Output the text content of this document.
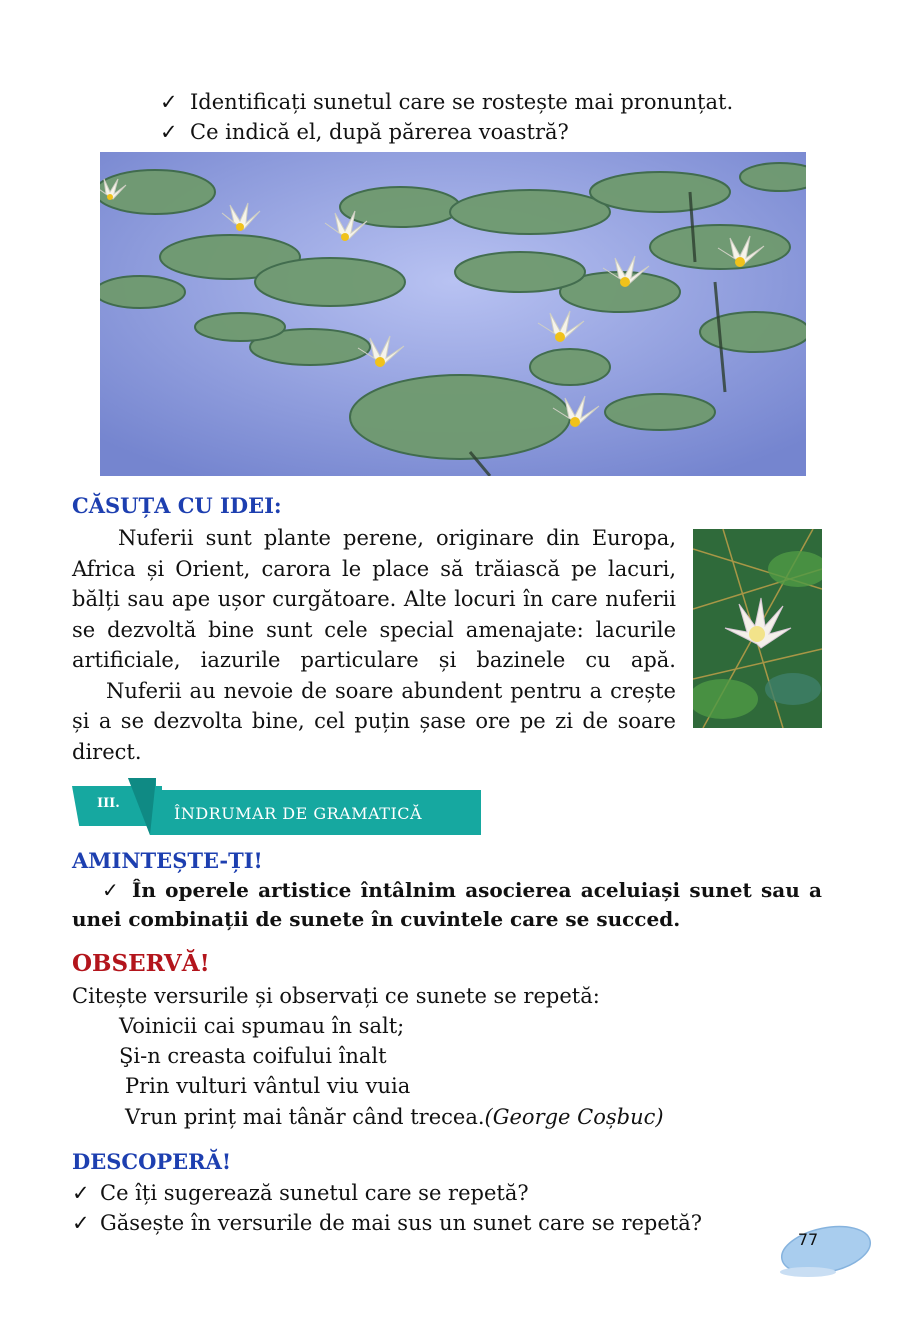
✓ Identificați sunetul care se rostește mai pronunțat.
✓ Ce indică el, după părerea voastră?
CĂSUȚA CU IDEI:
Nuferii sunt plante perene, originare din Europa,
Africa și Orient, carora le place să trăiască pe lacuri,
bălți sau ape ușor curgătoare. Alte locuri în care nuferii
se dezvoltă bine sunt cele special amenajate: lacurile
artificiale, iazurile particulare și bazinele cu apă.
Nuferii au nevoie de soare abundent pentru a crește
și a se dezvolta bine, cel puțin șase ore pe zi de soare
direct.
III.
ÎNDRUMAR DE GRAMATICĂ
AMINTEȘTE-ȚI!
✓ În operele artistice întâlnim asocierea aceluiași sunet sau a
unei combinații de sunete în cuvintele care se succed.
OBSERVĂ!
Citește versurile și observați ce sunete se repetă:
Voinicii cai spumau în salt;
Şi-n creasta coifului înalt
Prin vulturi vântul viu vuia
Vrun prinț mai tânăr când trecea.(George Coșbuc)
DESCOPERĂ!
✓ Ce îți sugerează sunetul care se repetă?
✓ Găsește în versurile de mai sus un sunet care se repetă?
77
